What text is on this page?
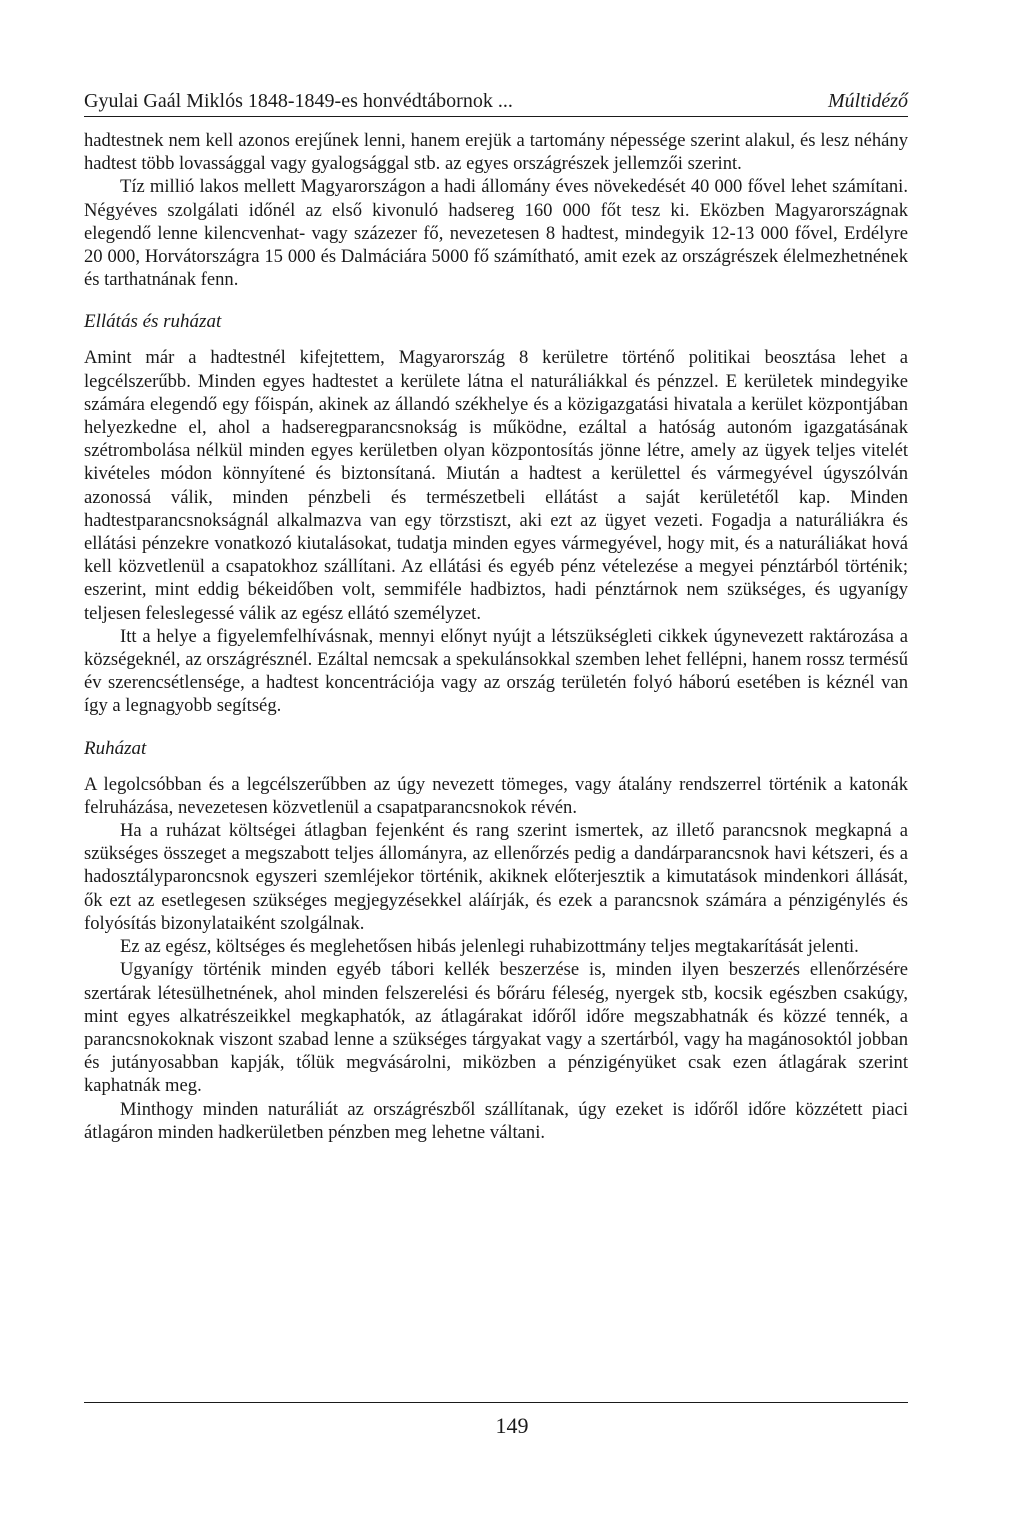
Gyulai Gaál Miklós 1848-1849-es honvédtábornok ...	Múltidéző

hadtestnek nem kell azonos erejűnek lenni, hanem erejük a tartomány népessége szerint alakul, és lesz néhány hadtest több lovassággal vagy gyalogsággal stb. az egyes országrészek jellemzői szerint.

Tíz millió lakos mellett Magyarországon a hadi állomány éves növekedését 40 000 fővel lehet számítani. Négyéves szolgálati időnél az első kivonuló hadsereg 160 000 főt tesz ki. Eközben Magyarországnak elegendő lenne kilencvenhat- vagy százezer fő, nevezetesen 8 hadtest, mindegyik 12-13 000 fővel, Erdélyre 20 000, Horvátországra 15 000 és Dalmáciára 5000 fő számítható, amit ezek az országrészek élelmezhetnének és tarthatnának fenn.

Ellátás és ruházat

Amint már a hadtestnél kifejtettem, Magyarország 8 kerületre történő politikai beosztása lehet a legcélszerűbb. Minden egyes hadtestet a kerülete látna el naturáliákkal és pénzzel. E kerületek mindegyike számára elegendő egy főispán, akinek az állandó székhelye és a közigazgatási hivatala a kerület központjában helyezkedne el, ahol a hadseregparancsnokság is működne, ezáltal a hatóság autonóm igazgatásának szétrombolása nélkül minden egyes kerületben olyan központosítás jönne létre, amely az ügyek teljes vitelét kivételes módon könnyítené és biztonsítaná. Miután a hadtest a kerülettel és vármegyével úgyszólván azonossá válik, minden pénzbeli és természetbeli ellátást a saját kerületétől kap. Minden hadtestparancsnokságnál alkalmazva van egy törzstiszt, aki ezt az ügyet vezeti. Fogadja a naturáliákra és ellátási pénzekre vonatkozó kiutalásokat, tudatja minden egyes vármegyével, hogy mit, és a naturáliákat hová kell közvetlenül a csapatokhoz szállítani. Az ellátási és egyéb pénz vételezése a megyei pénztárból történik; eszerint, mint eddig békeidőben volt, semmiféle hadbiztos, hadi pénztárnok nem szükséges, és ugyanígy teljesen feleslegessé válik az egész ellátó személyzet.

Itt a helye a figyelemfelhívásnak, mennyi előnyt nyújt a létszükségleti cikkek úgynevezett raktározása a községeknél, az országrésznél. Ezáltal nemcsak a spekulánsokkal szemben lehet fellépni, hanem rossz termésű év szerencsétlensége, a hadtest koncentrációja vagy az ország területén folyó háború esetében is kéznél van így a legnagyobb segítség.

Ruházat

A legolcsóbban és a legcélszerűbben az úgy nevezett tömeges, vagy átalány rendszerrel történik a katonák felruházása, nevezetesen közvetlenül a csapatparancsnokok révén.

Ha a ruházat költségei átlagban fejenként és rang szerint ismertek, az illető parancsnok megkapná a szükséges összeget a megszabott teljes állományra, az ellenőrzés pedig a dandárparancsnok havi kétszeri, és a hadosztályparoncsnok egyszeri szemléjekor történik, akiknek előterjesztik a kimutatások mindenkori állását, ők ezt az esetlegesen szükséges megjegyzésekkel aláírják, és ezek a parancsnok számára a pénzigénylés és folyósítás bizonylataiként szolgálnak.

Ez az egész, költséges és meglehetősen hibás jelenlegi ruhabizottmány teljes megtakarítását jelenti.

Ugyanígy történik minden egyéb tábori kellék beszerzése is, minden ilyen beszerzés ellenőrzésére szertárak létesülhetnének, ahol minden felszerelési és bőráru féleség, nyergek stb, kocsik egészben csakúgy, mint egyes alkatrészeikkel megkaphatók, az átlagárakat időről időre megszabhatnák és közzé tennék, a parancsnokoknak viszont szabad lenne a szükséges tárgyakat vagy a szertárból, vagy ha magánosoktól jobban és jutányosabban kapják, tőlük megvásárolni, miközben a pénzigényüket csak ezen átlagárak szerint kaphatnák meg.

Minthogy minden naturáliát az országrészből szállítanak, úgy ezeket is időről időre közzétett piaci átlagáron minden hadkerületben pénzben meg lehetne váltani.

149
